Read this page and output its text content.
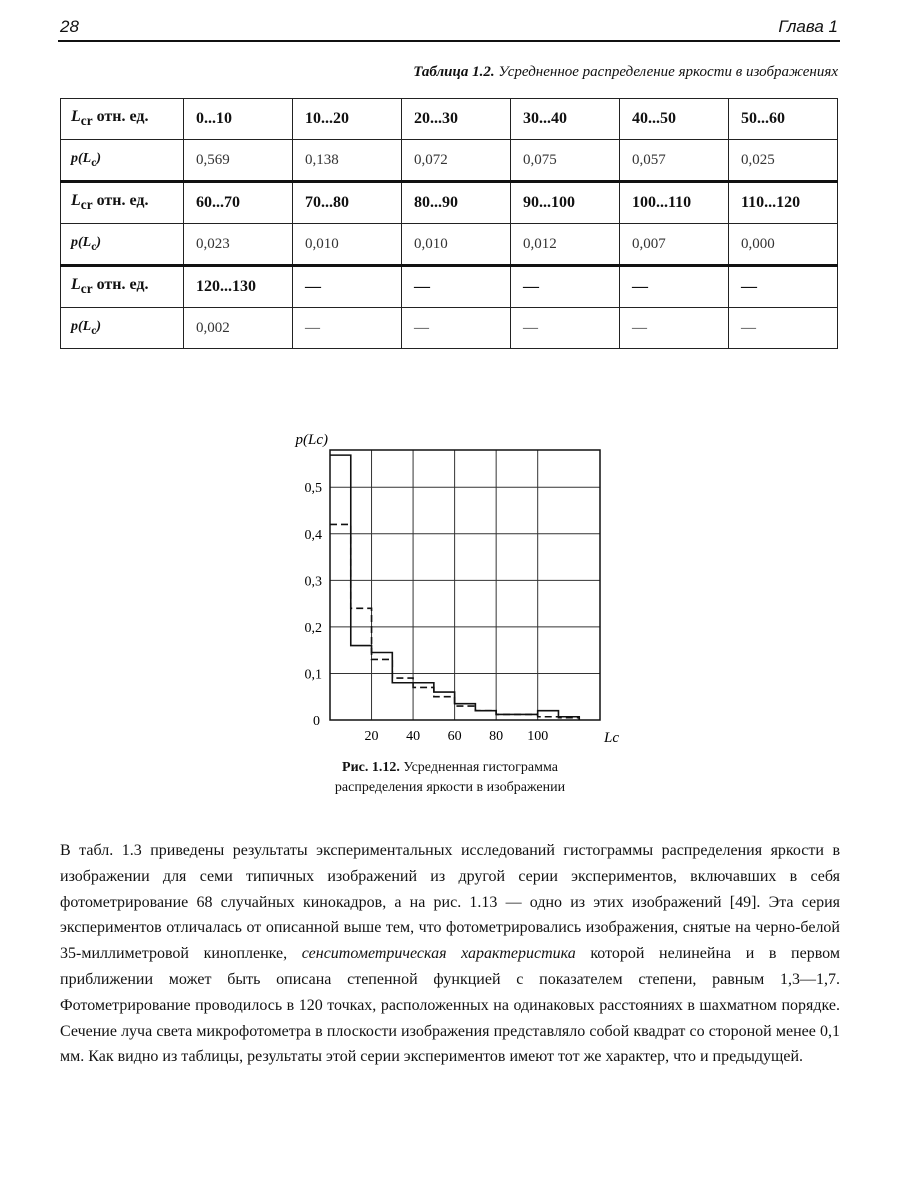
28	Глава 1
Таблица 1.2. Усредненное распределение яркости в изображениях
$L_{cr}$ отн. ед.	0...10	10...20	20...30	30...40	40...50	50...60
$p(L_c)$	0,569	0,138	0,072	0,075	0,057	0,025
$L_{cr}$ отн. ед.	60...70	70...80	80...90	90...100	100...110	110...120
$p(L_c)$	0,023	0,010	0,010	0,012	0,007	0,000
$L_{cr}$ отн. ед.	120...130	—	—	—	—	—
$p(L_c)$	0,002	—	—	—	—	—
0,1
0,2
0,3
0,4
0,5
0
20 40 60 80 100
p(Lc)
Lc
Рис. 1.12. Усредненная гистограмма
распределения яркости в изображении

В табл. 1.3 приведены результаты экспериментальных исследований гистограммы распределения яркости в изображении для семи типичных изображений из другой серии экспериментов, включавших в себя фотометрирование 68 случайных кинокадров, а на рис. 1.13 — одно из этих изображений [49]. Эта серия экспериментов отличалась от описанной выше тем, что фотометрировались изображения, снятые на черно-белой 35-миллиметровой кинопленке, сенситометрическая характеристика которой нелинейна и в первом приближении может быть описана степенной функцией с показателем степени, равным 1,3—1,7. Фотометрирование проводилось в 120 точках, расположенных на одинаковых расстояниях в шахматном порядке. Сечение луча света микрофотометра в плоскости изображения представляло собой квадрат со стороной менее 0,1 мм. Как видно из таблицы, результаты этой серии экспериментов имеют тот же характер, что и предыдущей.
